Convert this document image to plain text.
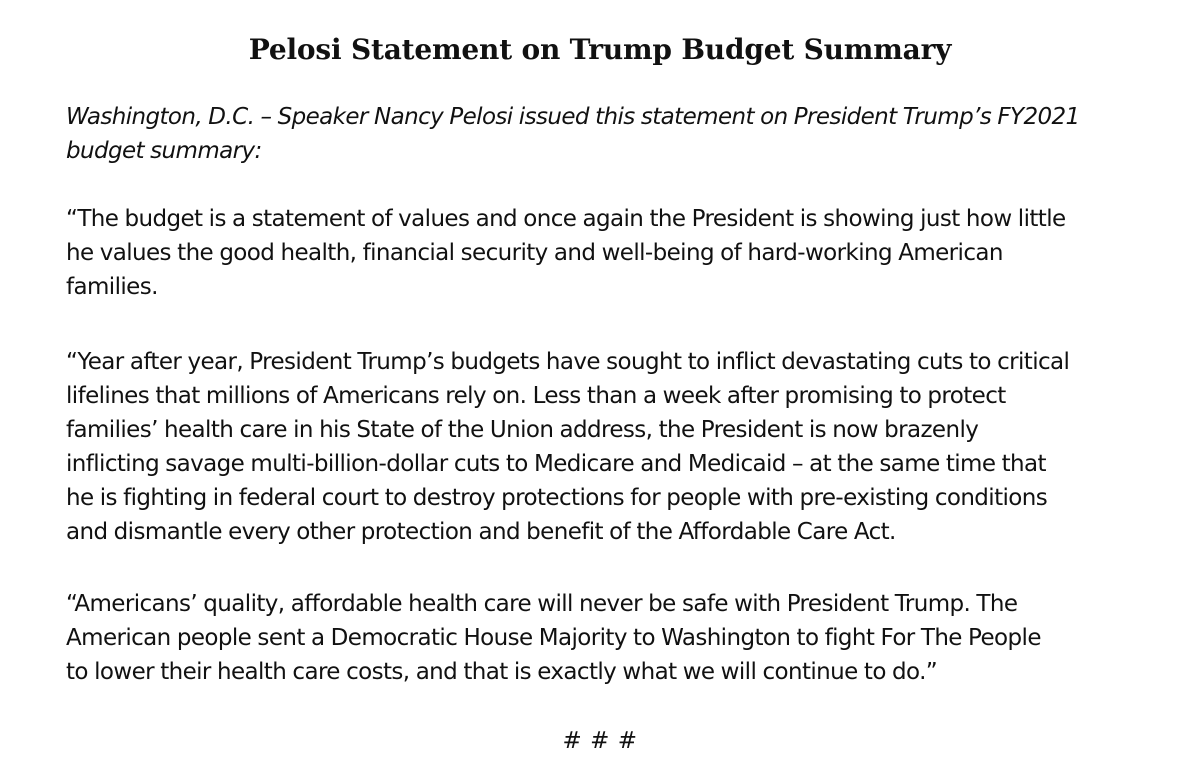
Pelosi Statement on Trump Budget Summary
Washington, D.C. – Speaker Nancy Pelosi issued this statement on President Trump’s FY2021
budget summary:
“The budget is a statement of values and once again the President is showing just how little
he values the good health, financial security and well-being of hard-working American
families.
“Year after year, President Trump’s budgets have sought to inflict devastating cuts to critical
lifelines that millions of Americans rely on. Less than a week after promising to protect
families’ health care in his State of the Union address, the President is now brazenly
inflicting savage multi-billion-dollar cuts to Medicare and Medicaid – at the same time that
he is fighting in federal court to destroy protections for people with pre-existing conditions
and dismantle every other protection and benefit of the Affordable Care Act.
“Americans’ quality, affordable health care will never be safe with President Trump. The
American people sent a Democratic House Majority to Washington to fight For The People
to lower their health care costs, and that is exactly what we will continue to do.”
# # #
